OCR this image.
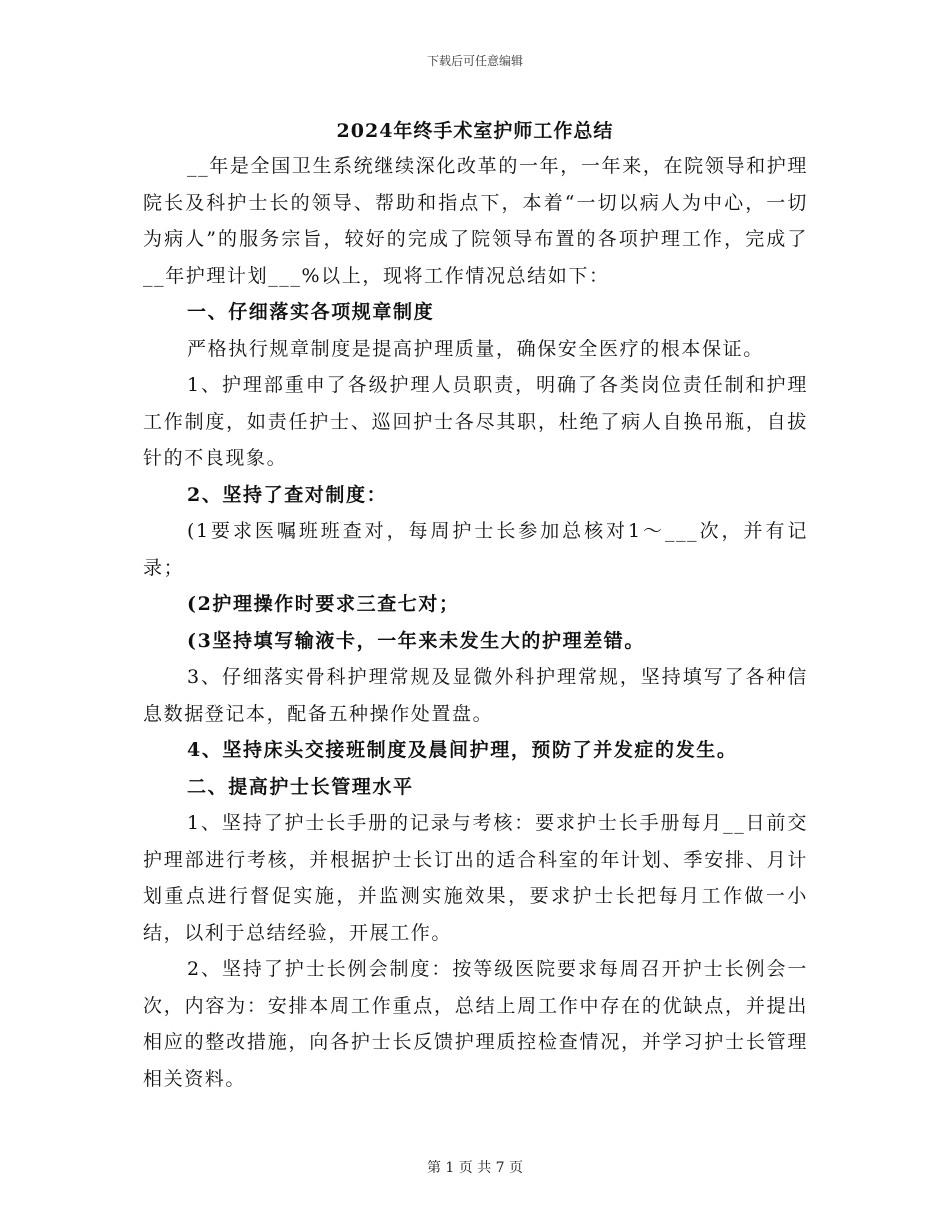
下载后可任意编辑
2024年终手术室护师工作总结

__年是全国卫生系统继续深化改革的一年，一年来，在院领导和护理院长及科护士长的领导、帮助和指点下，本着“一切以病人为中心，一切为病人”的服务宗旨，较好的完成了院领导布置的各项护理工作，完成了__年护理计划___%以上，现将工作情况总结如下：

一、仔细落实各项规章制度

严格执行规章制度是提高护理质量，确保安全医疗的根本保证。

1、护理部重申了各级护理人员职责，明确了各类岗位责任制和护理工作制度，如责任护士、巡回护士各尽其职，杜绝了病人自换吊瓶，自拔针的不良现象。

2、坚持了查对制度：

(1要求医嘱班班查对，每周护士长参加总核对1～___次，并有记录；

(2护理操作时要求三查七对；

(3坚持填写输液卡，一年来未发生大的护理差错。

3、仔细落实骨科护理常规及显微外科护理常规，坚持填写了各种信息数据登记本，配备五种操作处置盘。

4、坚持床头交接班制度及晨间护理，预防了并发症的发生。

二、提高护士长管理水平

1、坚持了护士长手册的记录与考核：要求护士长手册每月__日前交护理部进行考核，并根据护士长订出的适合科室的年计划、季安排、月计划重点进行督促实施，并监测实施效果，要求护士长把每月工作做一小结，以利于总结经验，开展工作。

2、坚持了护士长例会制度：按等级医院要求每周召开护士长例会一次，内容为：安排本周工作重点，总结上周工作中存在的优缺点，并提出相应的整改措施，向各护士长反馈护理质控检查情况，并学习护士长管理相关资料。

第 1 页 共 7 页
